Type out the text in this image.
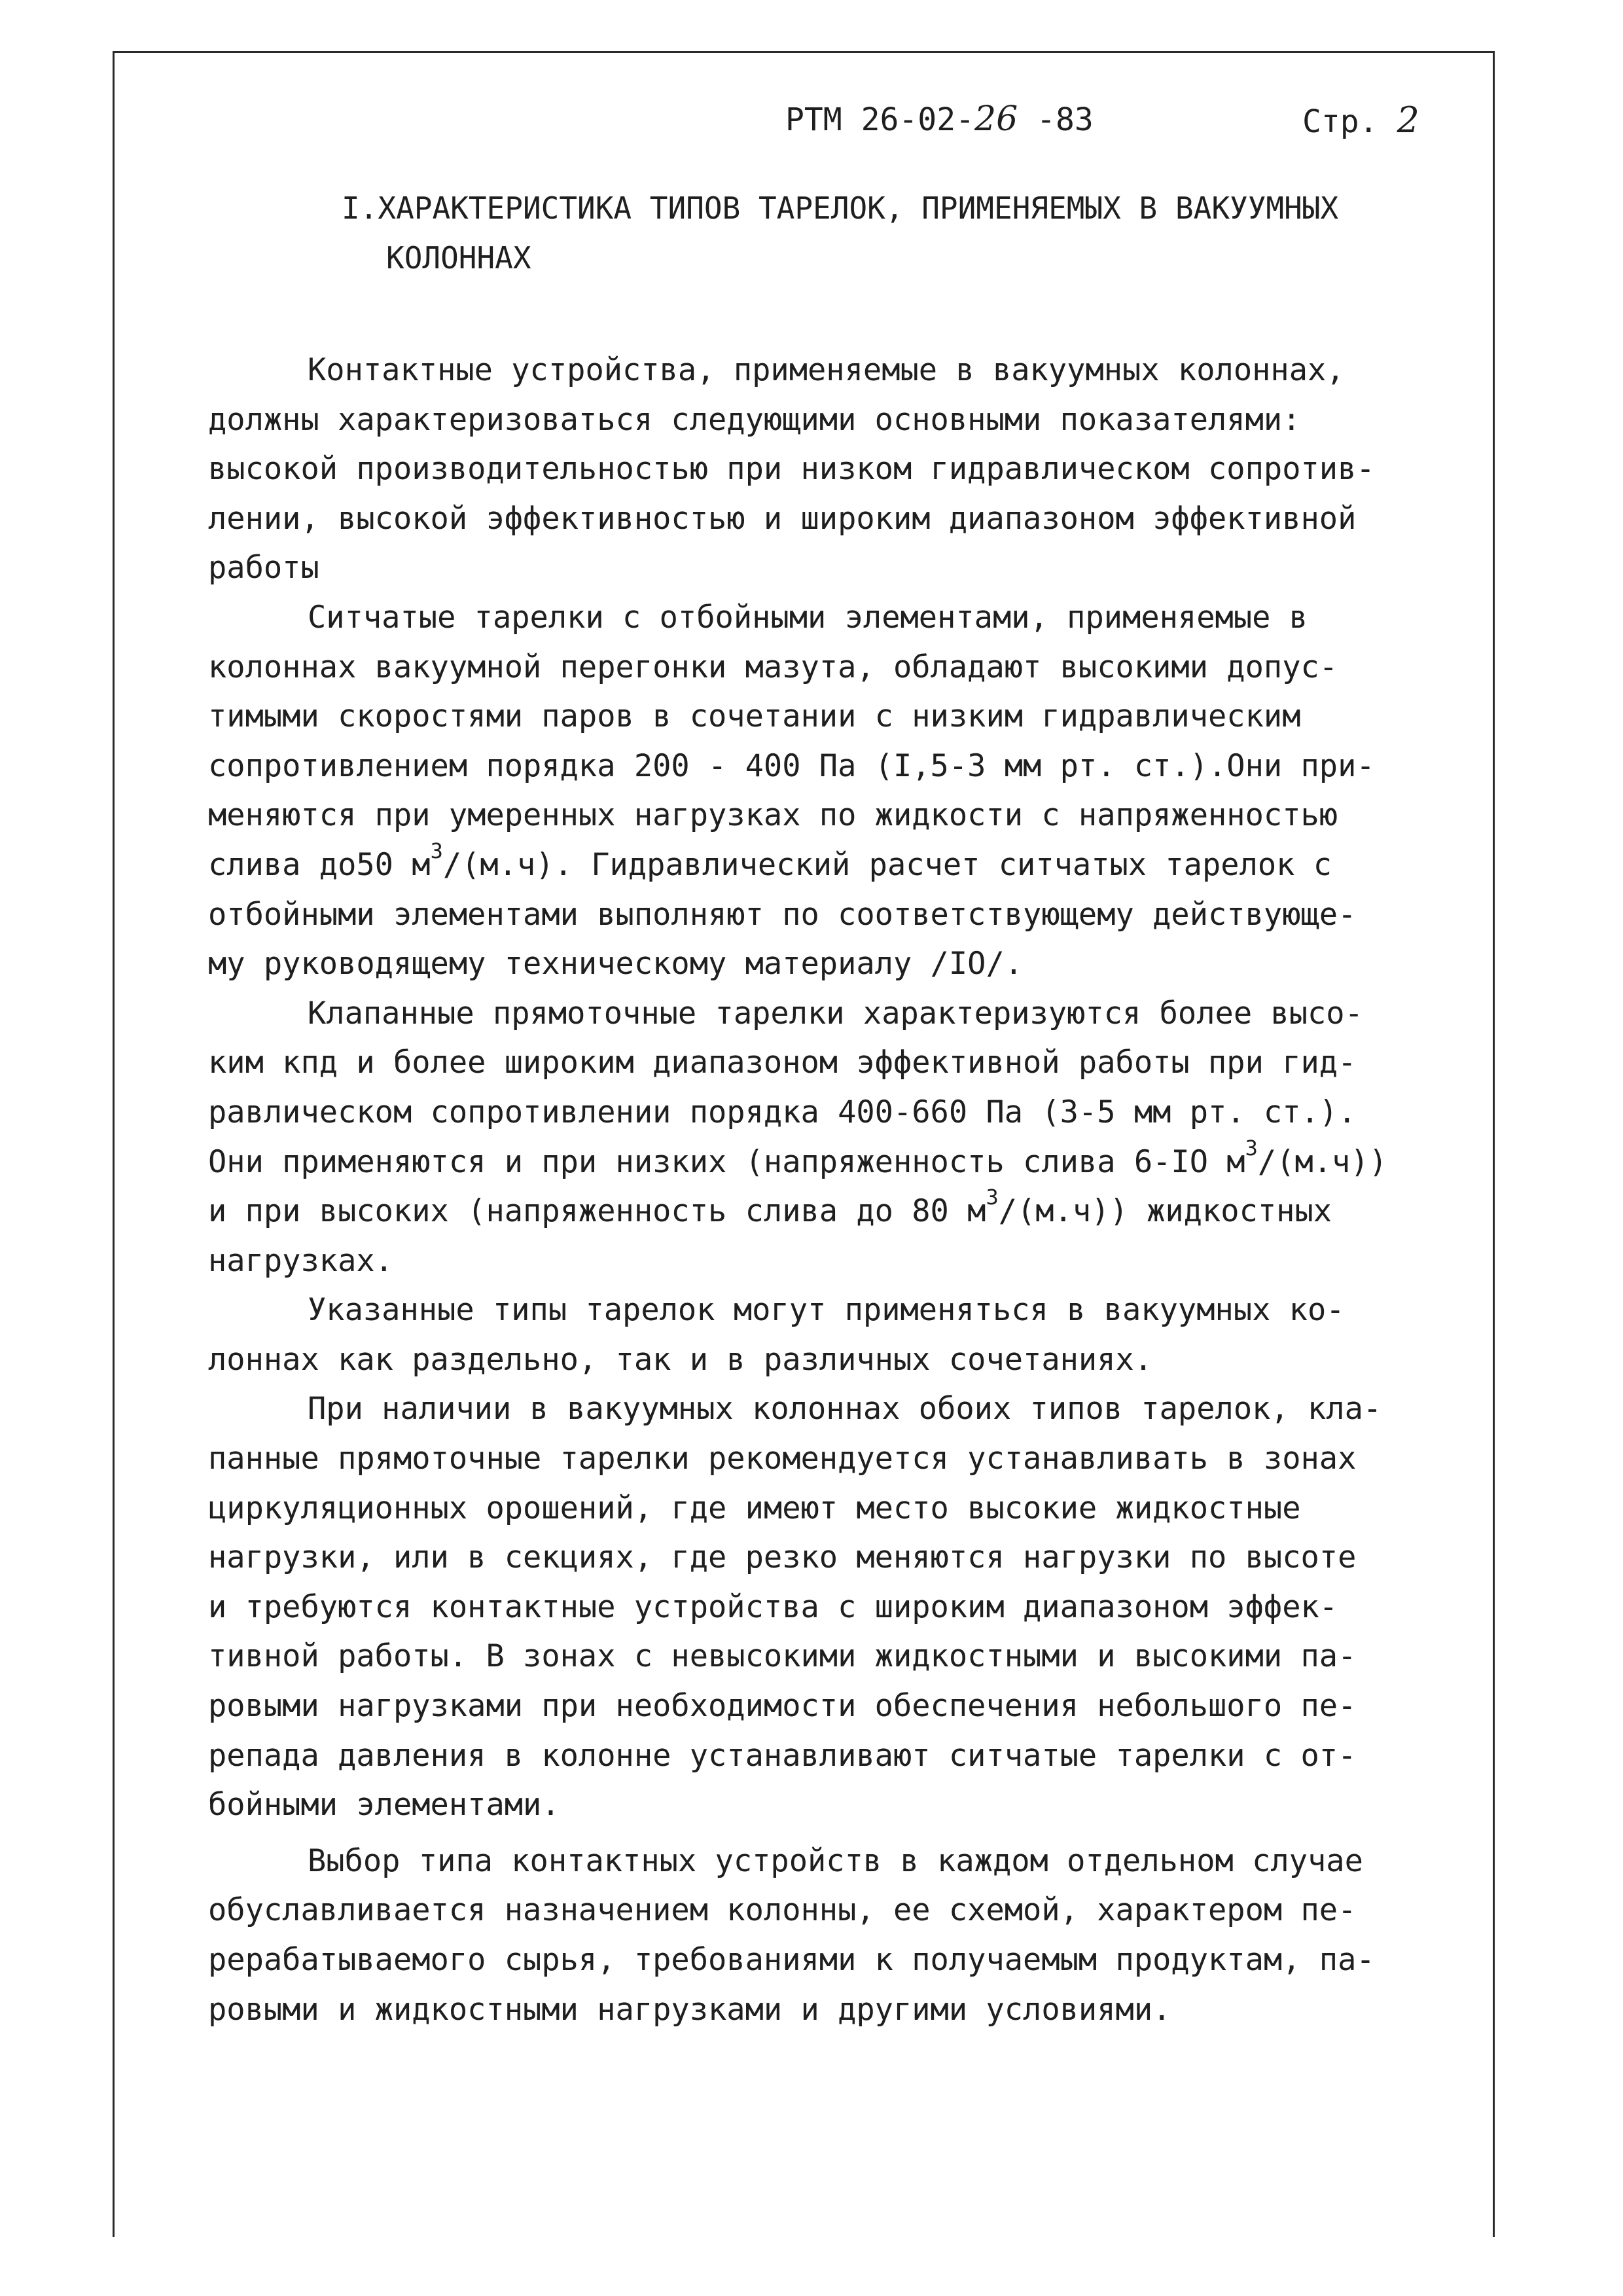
РТМ 26-02-26 -83	Стр. 2
I.ХАРАКТЕРИСТИКА ТИПОВ ТАРЕЛОК, ПРИМЕНЯЕМЫХ В ВАКУУМНЫХ
КОЛОННАХ

Контактные устройства, применяемые в вакуумных колоннах,
должны характеризоваться следующими основными показателями:
высокой производительностью при низком гидравлическом сопротив-
лении, высокой эффективностью и широким диапазоном эффективной
работы

Ситчатые тарелки с отбойными элементами, применяемые в
колоннах вакуумной перегонки мазута, обладают высокими допус-
тимыми скоростями паров в сочетании с низким гидравлическим
сопротивлением порядка 200 - 400 Па (I,5-3 мм рт. ст.).Они при-
меняются при умеренных нагрузках по жидкости с напряженностью
слива до50 $м^3/(м.ч)$. Гидравлический расчет ситчатых тарелок с
отбойными элементами выполняют по соответствующему действующе-
му руководящему техническому материалу /IO/.

Клапанные прямоточные тарелки характеризуются более высо-
ким кпд и более широким диапазоном эффективной работы при гид-
равлическом сопротивлении порядка 400-660 Па (3-5 мм рт. ст.).
Они применяются и при низких (напряженность слива 6-IO $м^3/(м.ч)$)
и при высоких (напряженность слива до 80 $м^3/(м.ч)$) жидкостных
нагрузках.

Указанные типы тарелок могут применяться в вакуумных ко-
лоннах как раздельно, так и в различных сочетаниях.

При наличии в вакуумных колоннах обоих типов тарелок, кла-
панные прямоточные тарелки рекомендуется устанавливать в зонах
циркуляционных орошений, где имеют место высокие жидкостные
нагрузки, или в секциях, где резко меняются нагрузки по высоте
и требуются контактные устройства с широким диапазоном эффек-
тивной работы. В зонах с невысокими жидкостными и высокими па-
ровыми нагрузками при необходимости обеспечения небольшого пе-
репада давления в колонне устанавливают ситчатые тарелки с от-
бойными элементами.

Выбор типа контактных устройств в каждом отдельном случае
обуславливается назначением колонны, ее схемой, характером пе-
рерабатываемого сырья, требованиями к получаемым продуктам, па-
ровыми и жидкостными нагрузками и другими условиями.
